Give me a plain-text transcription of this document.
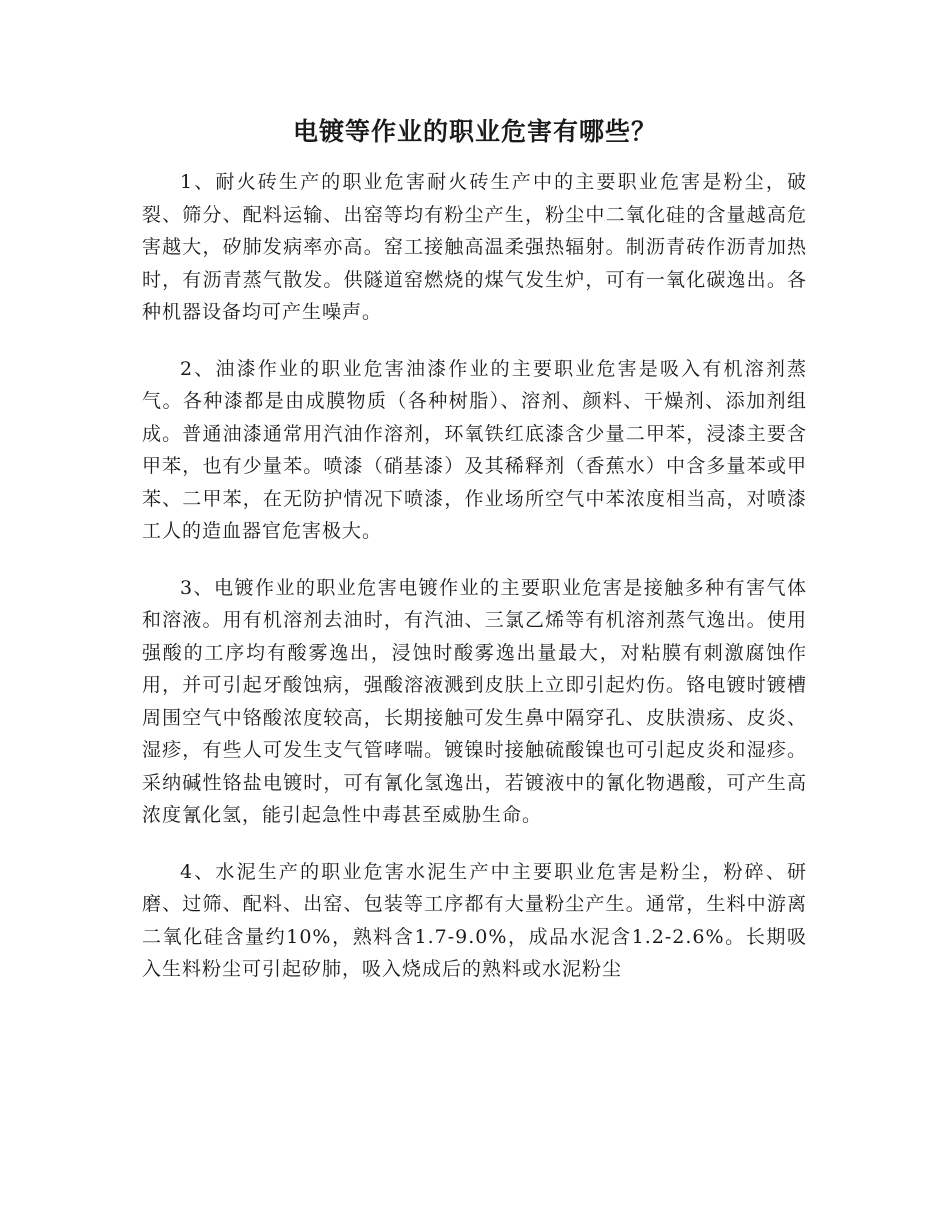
电镀等作业的职业危害有哪些？

1、耐火砖生产的职业危害耐火砖生产中的主要职业危害是粉尘，破裂、筛分、配料运输、出窑等均有粉尘产生，粉尘中二氧化硅的含量越高危害越大，矽肺发病率亦高。窑工接触高温柔强热辐射。制沥青砖作沥青加热时，有沥青蒸气散发。供隧道窑燃烧的煤气发生炉，可有一氧化碳逸出。各种机器设备均可产生噪声。

2、油漆作业的职业危害油漆作业的主要职业危害是吸入有机溶剂蒸气。各种漆都是由成膜物质（各种树脂）、溶剂、颜料、干燥剂、添加剂组成。普通油漆通常用汽油作溶剂，环氧铁红底漆含少量二甲苯，浸漆主要含甲苯，也有少量苯。喷漆（硝基漆）及其稀释剂（香蕉水）中含多量苯或甲苯、二甲苯，在无防护情况下喷漆，作业场所空气中苯浓度相当高，对喷漆工人的造血器官危害极大。

3、电镀作业的职业危害电镀作业的主要职业危害是接触多种有害气体和溶液。用有机溶剂去油时，有汽油、三氯乙烯等有机溶剂蒸气逸出。使用强酸的工序均有酸雾逸出，浸蚀时酸雾逸出量最大，对粘膜有刺激腐蚀作用，并可引起牙酸蚀病，强酸溶液溅到皮肤上立即引起灼伤。铬电镀时镀槽周围空气中铬酸浓度较高，长期接触可发生鼻中隔穿孔、皮肤溃疡、皮炎、湿疹，有些人可发生支气管哮喘。镀镍时接触硫酸镍也可引起皮炎和湿疹。采纳碱性铬盐电镀时，可有氰化氢逸出，若镀液中的氰化物遇酸，可产生高浓度氰化氢，能引起急性中毒甚至威胁生命。

4、水泥生产的职业危害水泥生产中主要职业危害是粉尘，粉碎、研磨、过筛、配料、出窑、包装等工序都有大量粉尘产生。通常，生料中游离二氧化硅含量约10%，熟料含1.7-9.0%，成品水泥含1.2-2.6%。长期吸入生料粉尘可引起矽肺，吸入烧成后的熟料或水泥粉尘
